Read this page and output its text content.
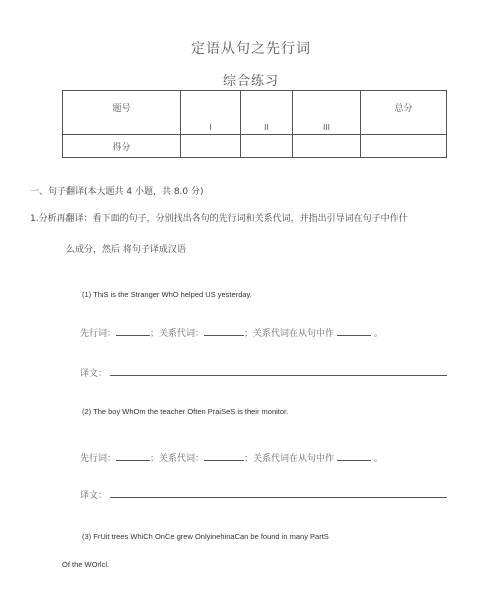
定语从句之先行词
综合练习
题号	I	II	III	总分
得分				
一、句子翻译(本大题共 4 小题，共 8.0 分)
1.分析再翻译：看下面的句子，分别找出各句的先行词和关系代词，并指出引导词在句子中作什
么成分，然后 将句子译成汉语
(1) ThiS is the Stranger WhO helped US yesterday.
先行词：	；关系代词：	；关系代词在从句中作	。
译文：
(2) The boy WhOm the teacher Often PraiSeS is their monitor.
先行词：	；关系代词：	；关系代词在从句中作	。
译文：
(3) FrUit trees WhiCh OnCe grew OnlyinehinaCan be found in many PartS
Of the WOrlcl.
